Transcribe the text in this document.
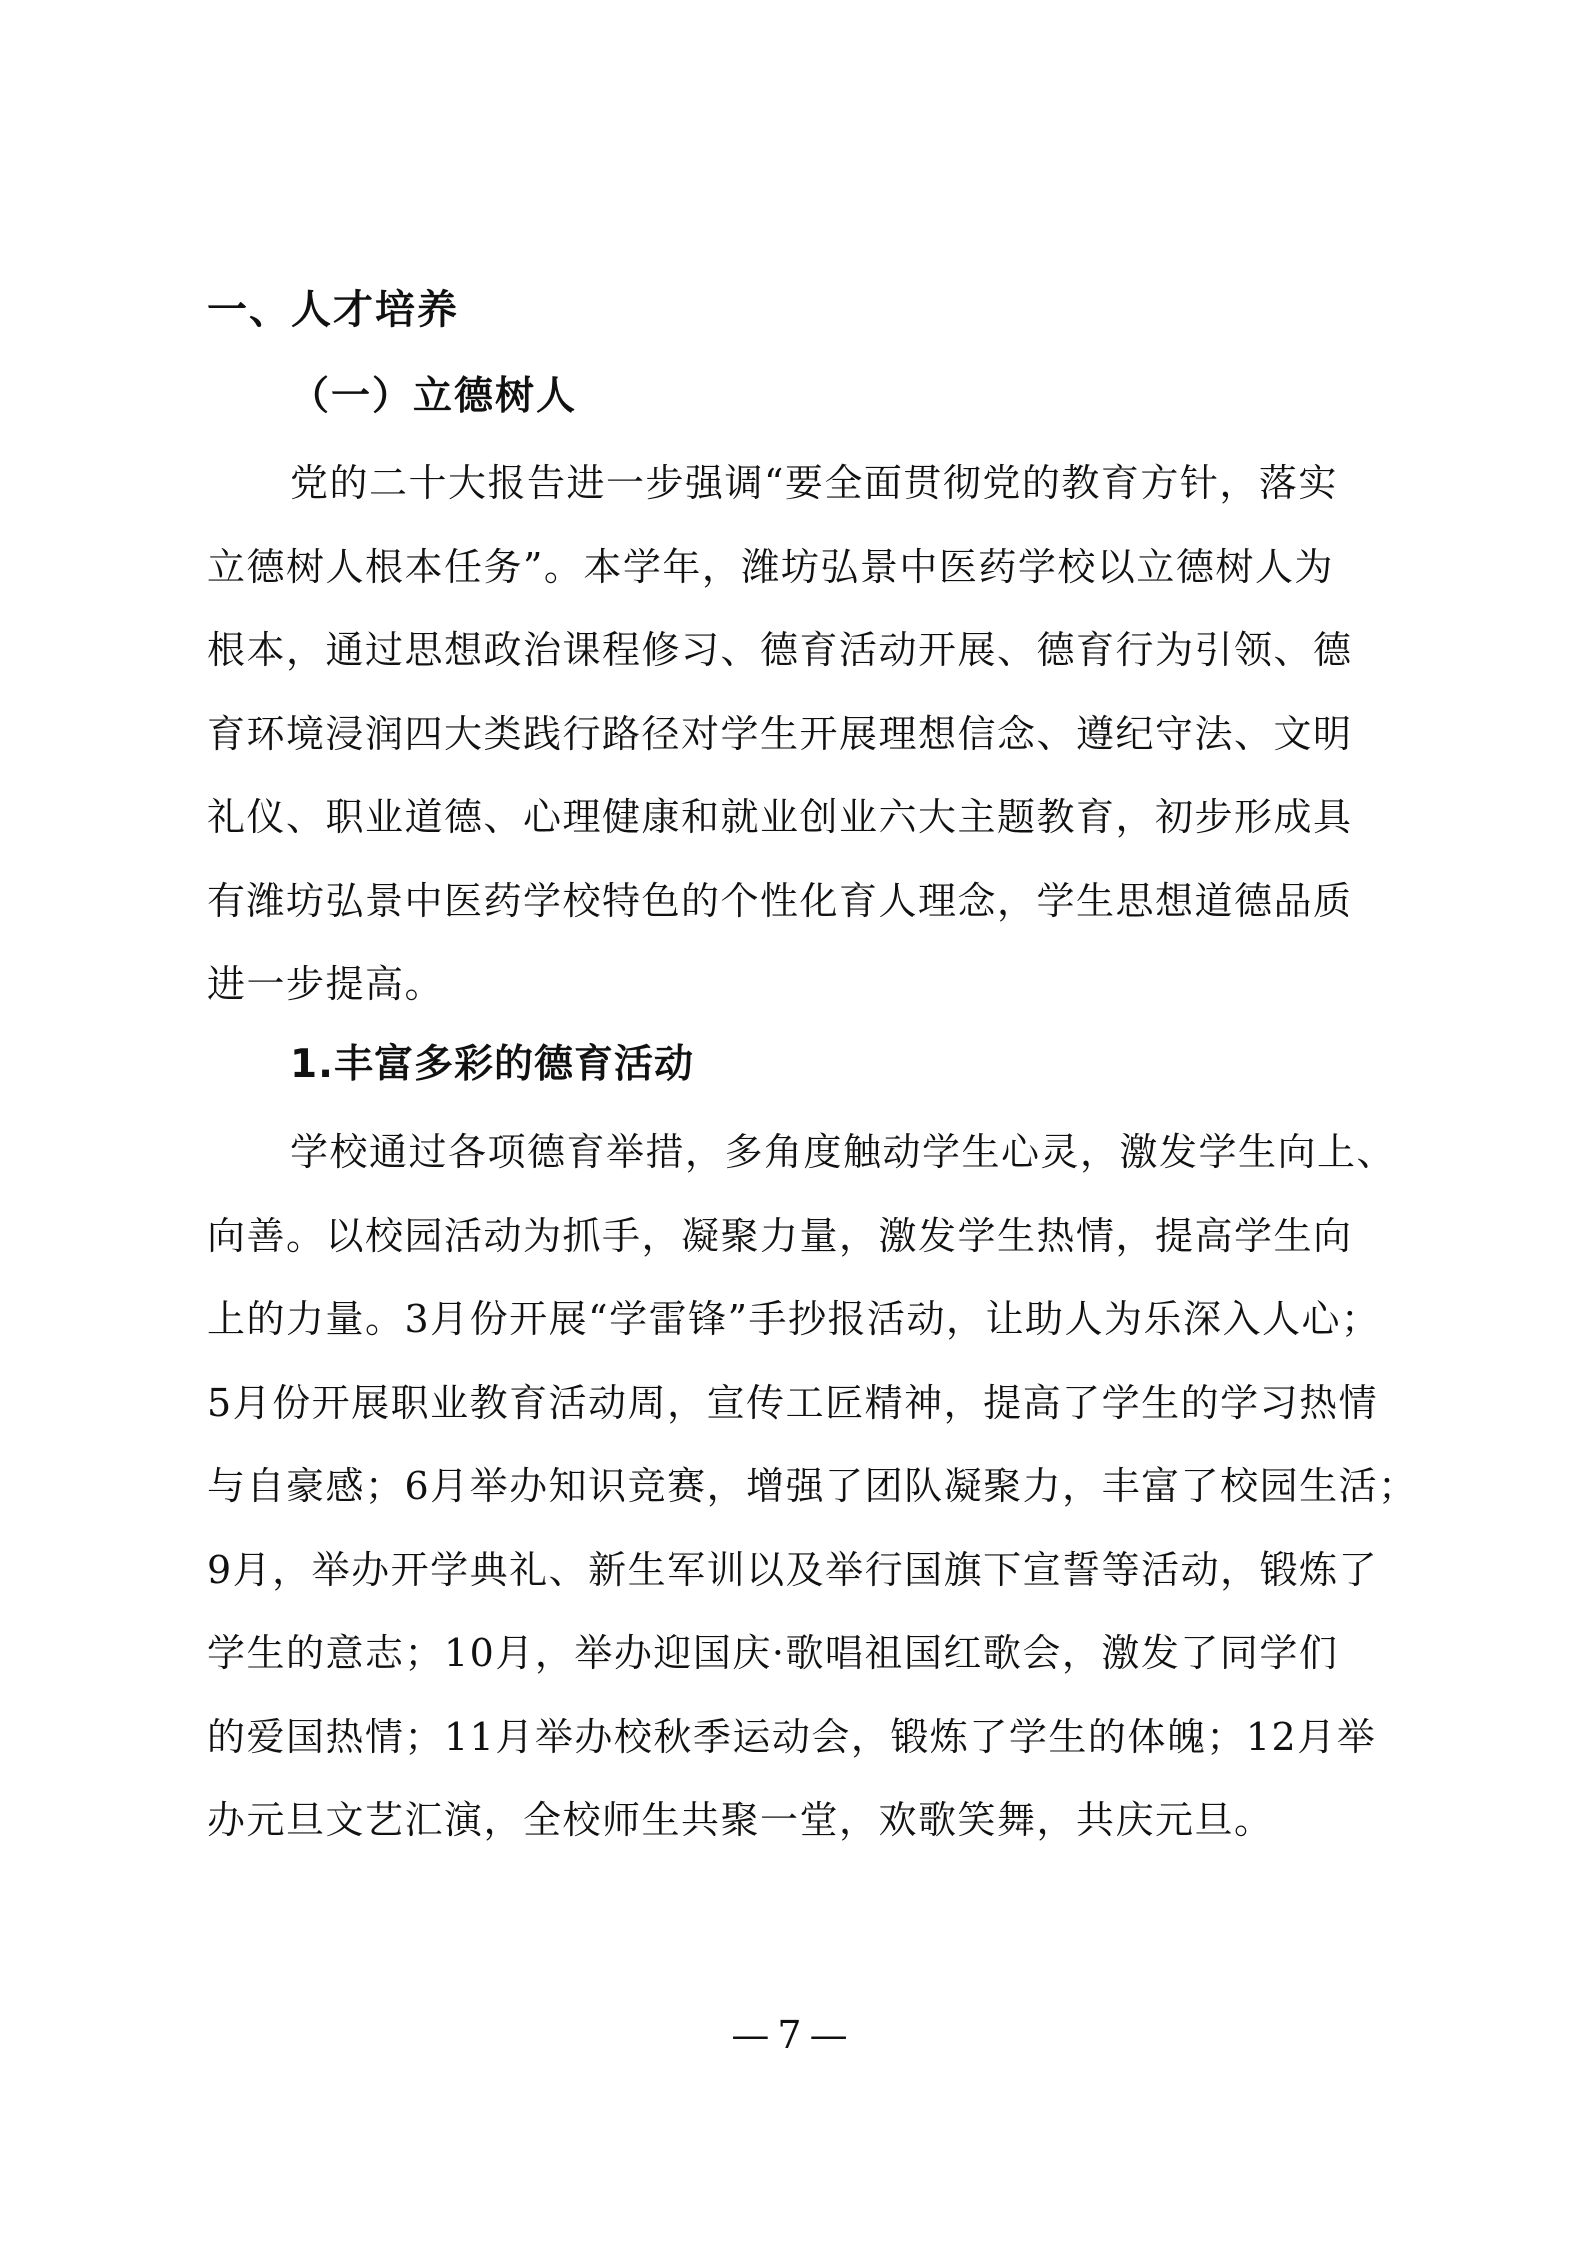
一、人才培养
（一）立德树人
党的二十大报告进一步强调“要全面贯彻党的教育方针，落实
立德树人根本任务”。本学年，潍坊弘景中医药学校以立德树人为
根本，通过思想政治课程修习、德育活动开展、德育行为引领、德
育环境浸润四大类践行路径对学生开展理想信念、遵纪守法、文明
礼仪、职业道德、心理健康和就业创业六大主题教育，初步形成具
有潍坊弘景中医药学校特色的个性化育人理念，学生思想道德品质
进一步提高。
1.丰富多彩的德育活动
学校通过各项德育举措，多角度触动学生心灵，激发学生向上、
向善。以校园活动为抓手，凝聚力量，激发学生热情，提高学生向
上的力量。3月份开展“学雷锋”手抄报活动，让助人为乐深入人心；
5月份开展职业教育活动周，宣传工匠精神，提高了学生的学习热情
与自豪感；6月举办知识竞赛，增强了团队凝聚力，丰富了校园生活；
9月，举办开学典礼、新生军训以及举行国旗下宣誓等活动，锻炼了
学生的意志；10月，举办迎国庆·歌唱祖国红歌会，激发了同学们
的爱国热情；11月举办校秋季运动会，锻炼了学生的体魄；12月举
办元旦文艺汇演，全校师生共聚一堂，欢歌笑舞，共庆元旦。
—7—
